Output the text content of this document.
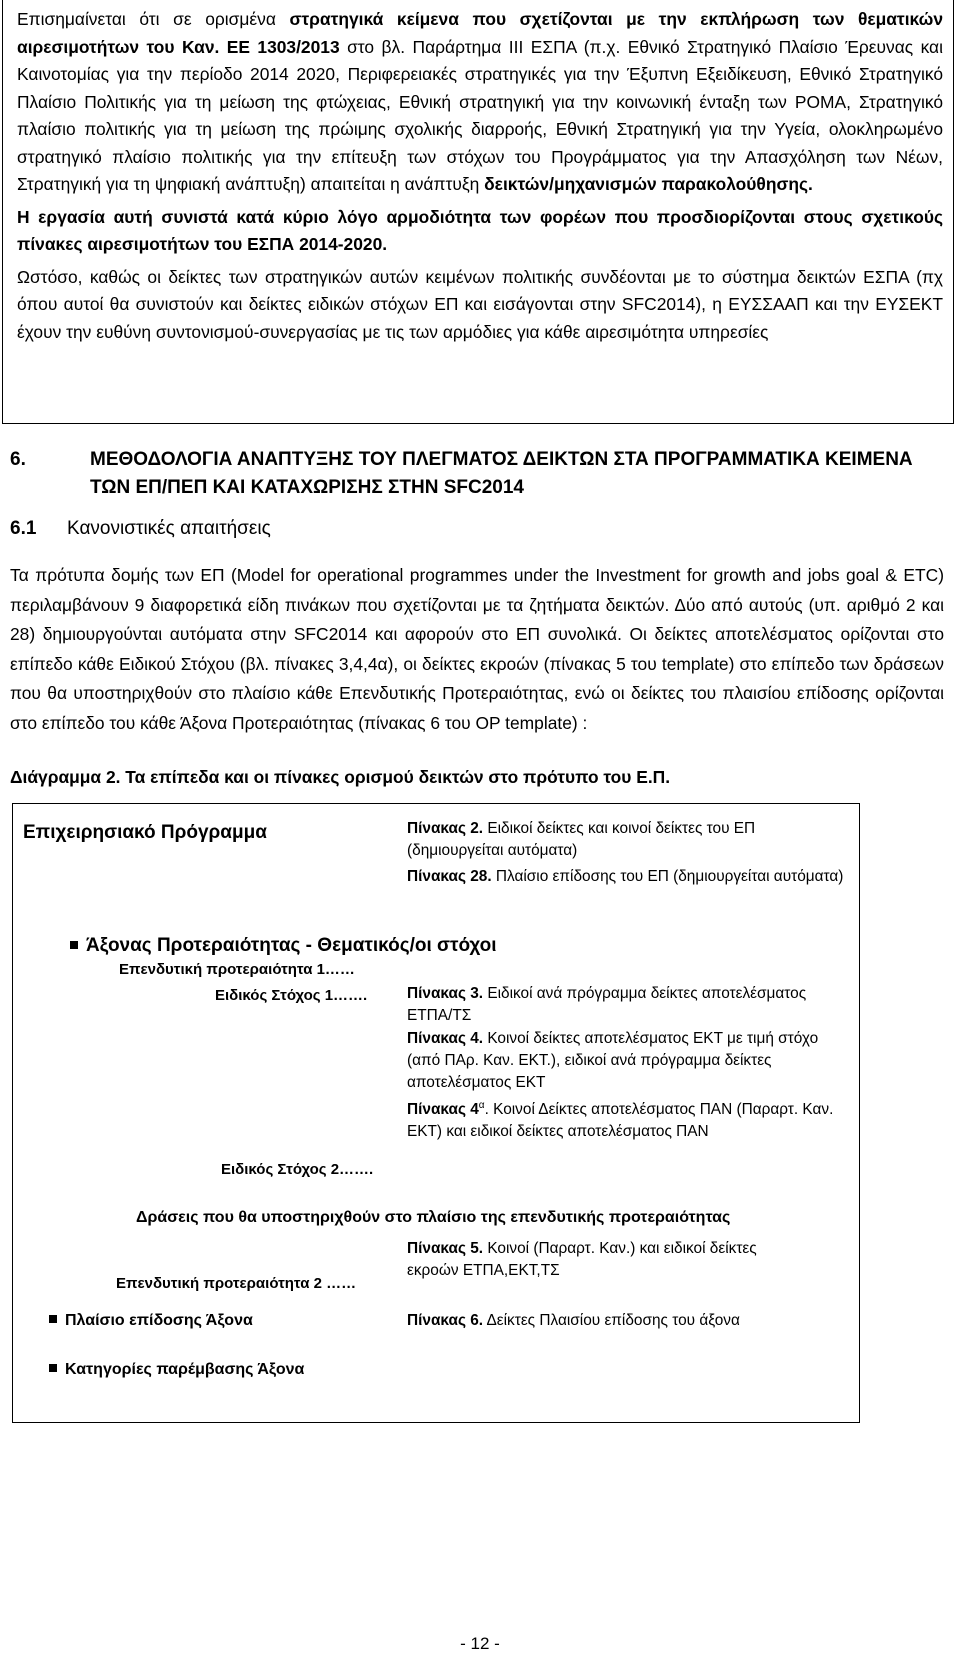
Επισημαίνεται ότι σε ορισμένα στρατηγικά κείμενα που σχετίζονται με την εκπλήρωση των θεματικών αιρεσιμοτήτων του Καν. ΕΕ 1303/2013 στο βλ. Παράρτημα ΙΙΙ ΕΣΠΑ (π.χ. Εθνικό Στρατηγικό Πλαίσιο Έρευνας και Καινοτομίας για την περίοδο 2014 2020, Περιφερειακές στρατηγικές για την Έξυπνη Εξειδίκευση, Εθνικό Στρατηγικό Πλαίσιο Πολιτικής για τη μείωση της φτώχειας, Εθνική στρατηγική για την κοινωνική ένταξη των ΡΟΜΑ, Στρατηγικό πλαίσιο πολιτικής για τη μείωση της πρώιμης σχολικής διαρροής, Εθνική Στρατηγική για την Υγεία, ολοκληρωμένο στρατηγικό πλαίσιο πολιτικής για την επίτευξη των στόχων του Προγράμματος για την Απασχόληση των Νέων, Στρατηγική για τη ψηφιακή ανάπτυξη) απαιτείται η ανάπτυξη δεικτών/μηχανισμών παρακολούθησης.

Η εργασία αυτή συνιστά κατά κύριο λόγο αρμοδιότητα των φορέων που προσδιορίζονται στους σχετικούς πίνακες αιρεσιμοτήτων του ΕΣΠΑ 2014-2020.

Ωστόσο, καθώς οι δείκτες των στρατηγικών αυτών κειμένων πολιτικής συνδέονται με το σύστημα δεικτών ΕΣΠΑ (πχ όπου αυτοί θα συνιστούν και δείκτες ειδικών στόχων ΕΠ και εισάγονται στην SFC2014), η ΕΥΣΣΑΑΠ και την ΕΥΣΕΚΤ έχουν την ευθύνη συντονισμού-συνεργασίας με τις των αρμόδιες για κάθε αιρεσιμότητα υπηρεσίες

6.	ΜΕΘΟΔΟΛΟΓΙΑ ΑΝΑΠΤΥΞΗΣ ΤΟΥ ΠΛΕΓΜΑΤΟΣ ΔΕΙΚΤΩΝ ΣΤΑ ΠΡΟΓΡΑΜΜΑΤΙΚΑ ΚΕΙΜΕΝΑ ΤΩΝ ΕΠ/ΠΕΠ ΚΑΙ ΚΑΤΑΧΩΡΙΣΗΣ ΣΤΗΝ SFC2014
6.1 Κανονιστικές απαιτήσεις

Τα πρότυπα δομής των ΕΠ (Model for operational programmes under the Investment for growth and jobs goal & ETC) περιλαμβάνουν 9 διαφορετικά είδη πινάκων που σχετίζονται με τα ζητήματα δεικτών. Δύο από αυτούς (υπ. αριθμό 2 και 28) δημιουργούνται αυτόματα στην SFC2014 και αφορούν στο ΕΠ συνολικά. Οι δείκτες αποτελέσματος ορίζονται στο επίπεδο κάθε Ειδικού Στόχου (βλ. πίνακες 3,4,4α), οι δείκτες εκροών (πίνακας 5 του template) στο επίπεδο των δράσεων που θα υποστηριχθούν στο πλαίσιο κάθε Επενδυτικής Προτεραιότητας, ενώ οι δείκτες του πλαισίου επίδοσης ορίζονται στο επίπεδο του κάθε Άξονα Προτεραιότητας (πίνακας 6 του OP template) :

Διάγραμμα 2. Τα επίπεδα και οι πίνακες ορισμού δεικτών στο πρότυπο του Ε.Π.
Επιχειρησιακό Πρόγραμμα	Πίνακας 2. Ειδικοί δείκτες και κοινοί δείκτες του ΕΠ (δημιουργείται αυτόματα)
Πίνακας 28. Πλαίσιο επίδοσης του ΕΠ (δημιουργείται αυτόματα)
Άξονας Προτεραιότητας - Θεματικός/οι στόχοι
Επενδυτική προτεραιότητα 1……
Ειδικός Στόχος 1…….	Πίνακας 3. Ειδικοί ανά πρόγραμμα δείκτες αποτελέσματος ΕΤΠΑ/ΤΣ
Πίνακας 4. Κοινοί δείκτες αποτελέσματος ΕΚΤ με τιμή στόχο (από ΠΑρ. Καν. ΕΚΤ.), ειδικοί ανά πρόγραμμα δείκτες αποτελέσματος ΕΚΤ
Πίνακας $4^\alpha$. Κοινοί Δείκτες αποτελέσματος ΠΑΝ (Παραρτ. Καν. ΕΚΤ) και ειδικοί δείκτες αποτελέσματος ΠΑΝ
Ειδικός Στόχος 2…….
Δράσεις που θα υποστηριχθούν στο πλαίσιο της επενδυτικής προτεραιότητας
Πίνακας 5. Κοινοί (Παραρτ. Καν.) και ειδικοί δείκτες εκροών ΕΤΠΑ,ΕΚΤ,ΤΣ
Επενδυτική προτεραιότητα 2 ……
Πλαίσιο επίδοσης Άξονα	Πίνακας 6. Δείκτες Πλαισίου επίδοσης του άξονα
Κατηγορίες παρέμβασης Άξονα
- 12 -
